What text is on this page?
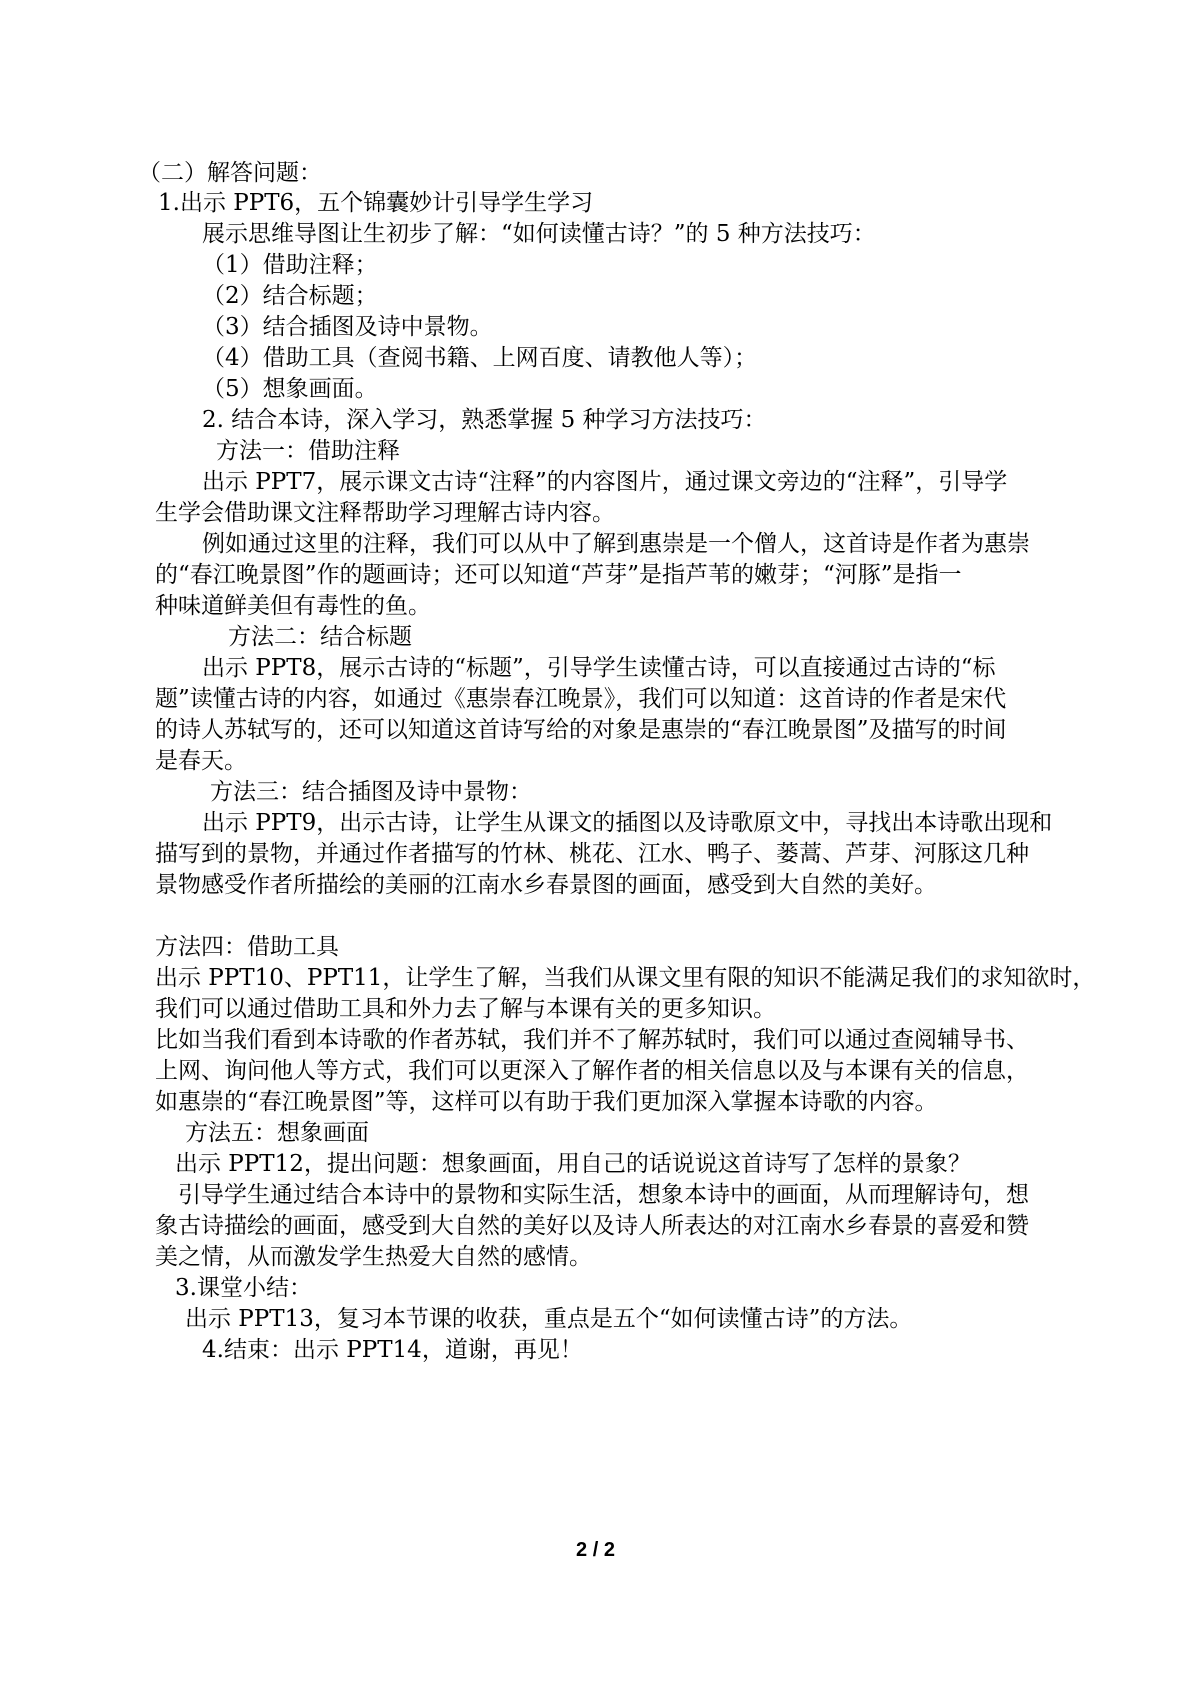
（二）解答问题：
1.出示 PPT6，五个锦囊妙计引导学生学习
展示思维导图让生初步了解：“如何读懂古诗？”的 5 种方法技巧：
（1）借助注释；
（2）结合标题；
（3）结合插图及诗中景物。
（4）借助工具（查阅书籍、上网百度、请教他人等）；
（5）想象画面。
2. 结合本诗，深入学习，熟悉掌握 5 种学习方法技巧：
方法一：借助注释
出示 PPT7，展示课文古诗“注释”的内容图片，通过课文旁边的“注释”，引导学
生学会借助课文注释帮助学习理解古诗内容。
例如通过这里的注释，我们可以从中了解到惠崇是一个僧人，这首诗是作者为惠崇
的“春江晚景图”作的题画诗；还可以知道“芦芽”是指芦苇的嫩芽；“河豚”是指一
种味道鲜美但有毒性的鱼。
方法二：结合标题
出示 PPT8，展示古诗的“标题”，引导学生读懂古诗，可以直接通过古诗的“标
题”读懂古诗的内容，如通过《惠崇春江晚景》，我们可以知道：这首诗的作者是宋代
的诗人苏轼写的，还可以知道这首诗写给的对象是惠崇的“春江晚景图”及描写的时间
是春天。
方法三：结合插图及诗中景物：
出示 PPT9，出示古诗，让学生从课文的插图以及诗歌原文中，寻找出本诗歌出现和
描写到的景物，并通过作者描写的竹林、桃花、江水、鸭子、蒌蒿、芦芽、河豚这几种
景物感受作者所描绘的美丽的江南水乡春景图的画面，感受到大自然的美好。
方法四：借助工具
出示 PPT10、PPT11，让学生了解，当我们从课文里有限的知识不能满足我们的求知欲时，
我们可以通过借助工具和外力去了解与本课有关的更多知识。
比如当我们看到本诗歌的作者苏轼，我们并不了解苏轼时，我们可以通过查阅辅导书、
上网、询问他人等方式，我们可以更深入了解作者的相关信息以及与本课有关的信息，
如惠崇的“春江晚景图”等，这样可以有助于我们更加深入掌握本诗歌的内容。
方法五：想象画面
出示 PPT12，提出问题：想象画面，用自己的话说说这首诗写了怎样的景象？
引导学生通过结合本诗中的景物和实际生活，想象本诗中的画面，从而理解诗句，想
象古诗描绘的画面，感受到大自然的美好以及诗人所表达的对江南水乡春景的喜爱和赞
美之情，从而激发学生热爱大自然的感情。
3.课堂小结：
出示 PPT13，复习本节课的收获，重点是五个“如何读懂古诗”的方法。
4.结束：出示 PPT14，道谢，再见！
2 / 2
